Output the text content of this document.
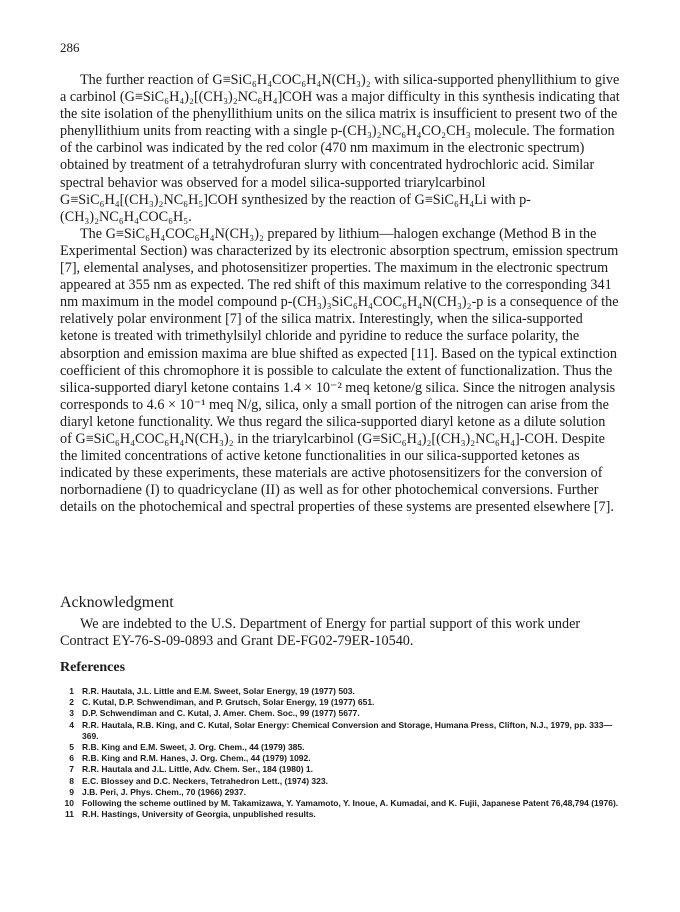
286

The further reaction of G≡SiC₆H₄COC₆H₄N(CH₃)₂ with silica-supported phenyllithium to give a carbinol (G≡SiC₆H₄)₂[(CH₃)₂NC₆H₄]COH was a major difficulty in this synthesis indicating that the site isolation of the phenyllithium units on the silica matrix is insufficient to present two of the phenyllithium units from reacting with a single p-(CH₃)₂NC₆H₄CO₂CH₃ molecule. The formation of the carbinol was indicated by the red color (470 nm maximum in the electronic spectrum) obtained by treatment of a tetrahydrofuran slurry with concentrated hydrochloric acid. Similar spectral behavior was observed for a model silica-supported triarylcarbinol G≡SiC₆H₄[(CH₃)₂NC₆H₅]COH synthesized by the reaction of G≡SiC₆H₄Li with p-(CH₃)₂NC₆H₄COC₆H₅.

The G≡SiC₆H₄COC₆H₄N(CH₃)₂ prepared by lithium—halogen exchange (Method B in the Experimental Section) was characterized by its electronic absorption spectrum, emission spectrum [7], elemental analyses, and photosensitizer properties. The maximum in the electronic spectrum appeared at 355 nm as expected. The red shift of this maximum relative to the corresponding 341 nm maximum in the model compound p-(CH₃)₃SiC₆H₄COC₆H₄N(CH₃)₂-p is a consequence of the relatively polar environment [7] of the silica matrix. Interestingly, when the silica-supported ketone is treated with trimethylsilyl chloride and pyridine to reduce the surface polarity, the absorption and emission maxima are blue shifted as expected [11]. Based on the typical extinction coefficient of this chromophore it is possible to calculate the extent of functionalization. Thus the silica-supported diaryl ketone contains 1.4 × 10⁻² meq ketone/g silica. Since the nitrogen analysis corresponds to 4.6 × 10⁻¹ meq N/g, silica, only a small portion of the nitrogen can arise from the diaryl ketone functionality. We thus regard the silica-supported diaryl ketone as a dilute solution of G≡SiC₆H₄COC₆H₄N(CH₃)₂ in the triarylcarbinol (G≡SiC₆H₄)₂[(CH₃)₂NC₆H₄]-COH. Despite the limited concentrations of active ketone functionalities in our silica-supported ketones as indicated by these experiments, these materials are active photosensitizers for the conversion of norbornadiene (I) to quadricyclane (II) as well as for other photochemical conversions. Further details on the photochemical and spectral properties of these systems are presented elsewhere [7].

Acknowledgment

We are indebted to the U.S. Department of Energy for partial support of this work under Contract EY-76-S-09-0893 and Grant DE-FG02-79ER-10540.

References
1 R.R. Hautala, J.L. Little and E.M. Sweet, Solar Energy, 19 (1977) 503.
2 C. Kutal, D.P. Schwendiman, and P. Grutsch, Solar Energy, 19 (1977) 651.
3 D.P. Schwendiman and C. Kutal, J. Amer. Chem. Soc., 99 (1977) 5677.
4 R.R. Hautala, R.B. King, and C. Kutal, Solar Energy: Chemical Conversion and Storage, Humana Press, Clifton, N.J., 1979, pp. 333—369.
5 R.B. King and E.M. Sweet, J. Org. Chem., 44 (1979) 385.
6 R.B. King and R.M. Hanes, J. Org. Chem., 44 (1979) 1092.
7 R.R. Hautala and J.L. Little, Adv. Chem. Ser., 184 (1980) 1.
8 E.C. Blossey and D.C. Neckers, Tetrahedron Lett., (1974) 323.
9 J.B. Peri, J. Phys. Chem., 70 (1966) 2937.
10 Following the scheme outlined by M. Takamizawa, Y. Yamamoto, Y. Inoue, A. Kumadai, and K. Fujii, Japanese Patent 76,48,794 (1976).
11 R.H. Hastings, University of Georgia, unpublished results.
